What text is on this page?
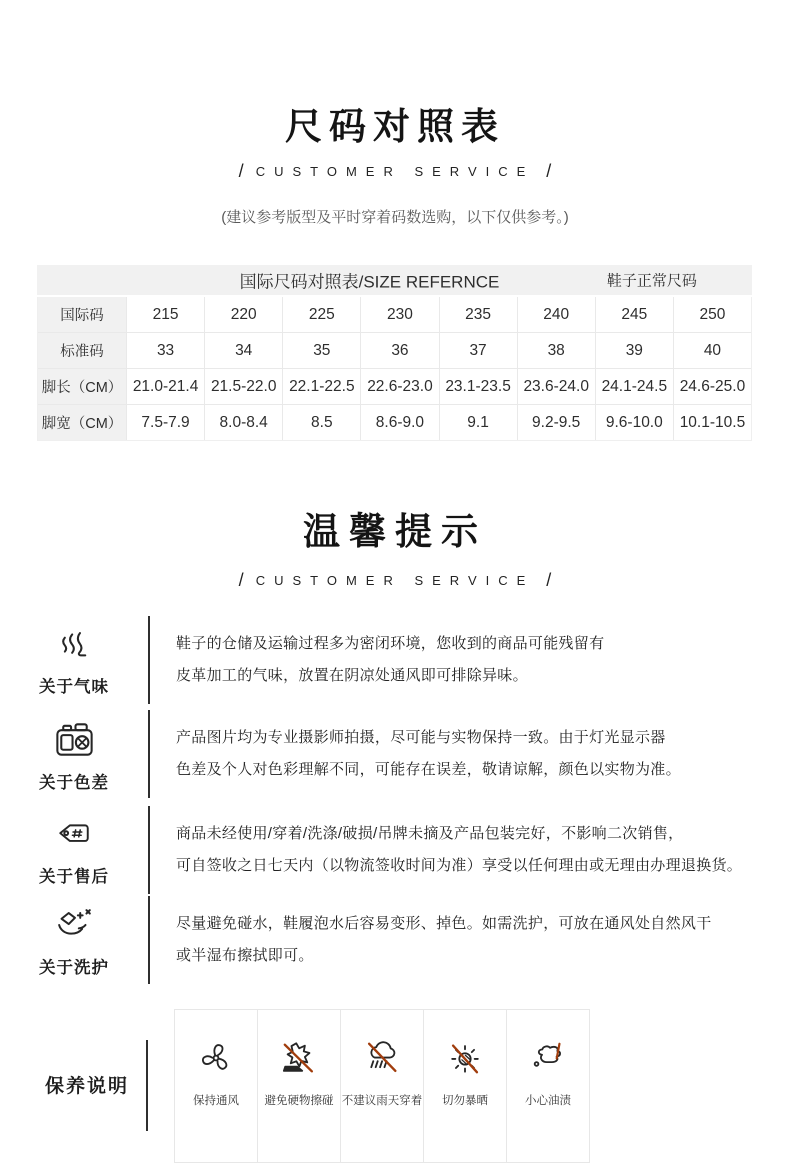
尺码对照表
/ CUSTOMER SERVICE /
(建议参考版型及平时穿着码数选购，以下仅供参考。)
国际尺码对照表/SIZE REFERNCE	鞋子正常尺码
国际码	215	220	225	230	235	240	245	250
标准码	33	34	35	36	37	38	39	40
脚长（CM） 21.0-21.4 21.5-22.0 22.1-22.5 22.6-23.0 23.1-23.5 23.6-24.0 24.1-24.5 24.6-25.0
脚宽（CM）	7.5-7.9	8.0-8.4	8.5	8.6-9.0	9.1	9.2-9.5	9.6-10.0	10.1-10.5
温馨提示
/ CUSTOMER SERVICE /
关于气味
鞋子的仓储及运输过程多为密闭环境，您收到的商品可能残留有
皮革加工的气味，放置在阴凉处通风即可排除异味。
关于色差
产品图片均为专业摄影师拍摄，尽可能与实物保持一致。由于灯光显示器
色差及个人对色彩理解不同，可能存在误差，敬请谅解，颜色以实物为准。
关于售后
商品未经使用/穿着/洗涤/破损/吊牌未摘及产品包装完好，不影响二次销售，
可自签收之日七天内（以物流签收时间为准）享受以任何理由或无理由办理退换货。
关于洗护
尽量避免碰水，鞋履泡水后容易变形、掉色。如需洗护，可放在通风处自然风干
或半湿布擦拭即可。
保养说明
保持通风 避免硬物擦碰 不建议雨天穿着 切勿暴晒	小心油渍
